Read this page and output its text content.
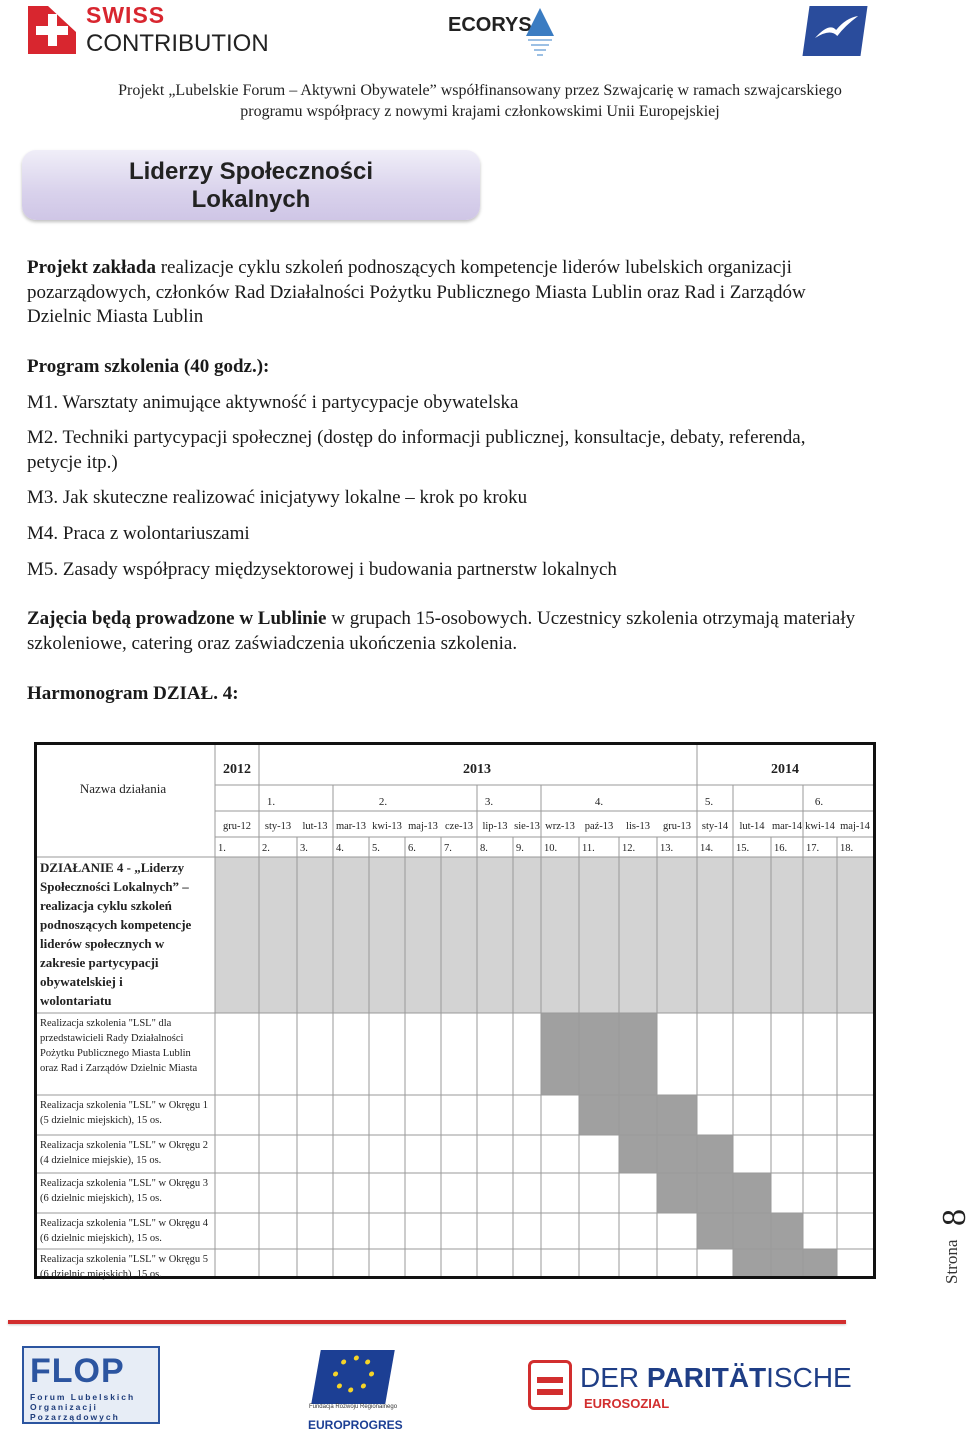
SWISS
CONTRIBUTION
ECORYS
Projekt „Lubelskie Forum – Aktywni Obywatele” współfinansowany przez Szwajcarię w ramach szwajcarskiego
programu współpracy z nowymi krajami członkowskimi Unii Europejskiej
Liderzy Społeczności
Lokalnych
Projekt zakłada realizacje cyklu szkoleń podnoszących kompetencje liderów lubelskich organizacji pozarządowych, członków Rad Działalności Pożytku Publicznego Miasta Lublin oraz Rad i Zarządów Dzielnic Miasta Lublin
Program szkolenia (40 godz.):
M1. Warsztaty animujące aktywność i partycypacje obywatelska
M2. Techniki partycypacji społecznej (dostęp do informacji publicznej, konsultacje, debaty, referenda, petycje itp.)
M3. Jak skuteczne realizować inicjatywy lokalne – krok po kroku
M4. Praca z wolontariuszami
M5. Zasady współpracy międzysektorowej i budowania partnerstw lokalnych
Zajęcia będą prowadzone w Lublinie w grupach 15-osobowych. Uczestnicy szkolenia otrzymają materiały szkoleniowe, catering oraz zaświadczenia ukończenia szkolenia.
Harmonogram DZIAŁ. 4:
Nazwa działania
2012	2013	2014
1.	2.	3.	4.	5.	6.
gru-12 sty-13 lut-13 mar-13 kwi-13 maj-13 cze-13 lip-13 sie-13 wrz-13 paź-13 lis-13 gru-13 sty-14 lut-14 mar-14 kwi-14 maj-14
1.	2.	3.	4.	5.	6.	7.	8.	9. 10. 11.	12. 13.	14. 15. 16. 17. 18.
DZIAŁANIE 4 - „Liderzy
Społeczności Lokalnych” –
realizacja cyklu szkoleń
podnoszących kompetencje
liderów społecznych w
zakresie partycypacji
obywatelskiej i
wolontariatu
Realizacja szkolenia "LSL" dla
przedstawicieli Rady Działalności
Pożytku Publicznego Miasta Lublin
oraz Rad i Zarządów Dzielnic Miasta
Realizacja szkolenia "LSL" w Okręgu 1
(5 dzielnic miejskich), 15 os.
Realizacja szkolenia "LSL" w Okręgu 2
(4 dzielnice miejskie), 15 os.
Realizacja szkolenia "LSL" w Okręgu 3
(6 dzielnic miejskich), 15 os.
Realizacja szkolenia "LSL" w Okręgu 4
(6 dzielnic miejskich), 15 os.
Realizacja szkolenia "LSL" w Okręgu 5
(6 dzielnic miejskich), 15 os.	Strona
8
FLOP
Forum Lubelskich
Organizacji
Pozarządowych
Fundacja Rozwoju Regionalnego
EUROPROGRES
DER PARITÄTISCHE
EUROSOZIAL
